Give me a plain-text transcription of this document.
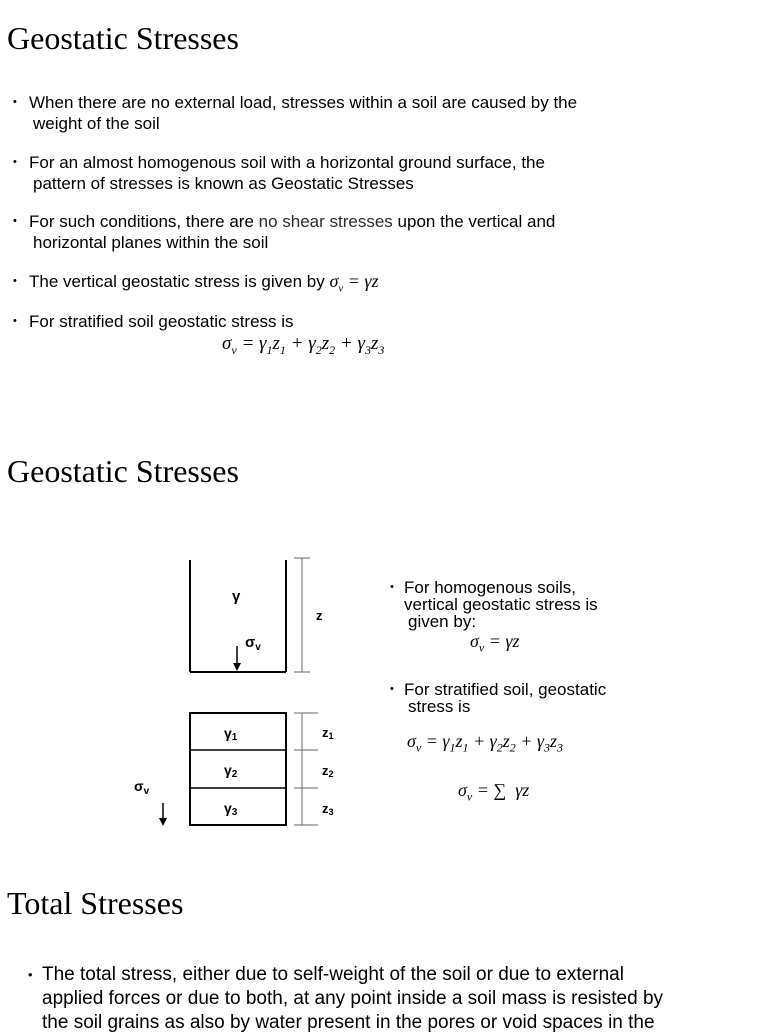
Geostatic Stresses
• When there are no external load, stresses within a soil are caused by the
weight of the soil
• For an almost homogenous soil with a horizontal ground surface, the
pattern of stresses is known as Geostatic Stresses
• For such conditions, there are no shear stresses upon the vertical and
horizontal planes within the soil
• The vertical geostatic stress is given by $\sigma_v = \gamma z$
• For stratified soil geostatic stress is
$\sigma_v = \gamma_1z_1 + \gamma_2z_2 + \gamma_3z_3$
Geostatic Stresses
γ
$\sigma_v$
z
γ1
γ2
γ3
z1
z2
z3
$\sigma_v$
• For homogenous soils,
vertical geostatic stress is
given by:
$\sigma_v = \gamma z$
• For stratified soil, geostatic
stress is
$\sigma_v = \gamma_1z_1 + \gamma_2z_2 + \gamma_3z_3$
$\sigma_v$ = ∑  γz
Total Stresses
• The total stress, either due to self-weight of the soil or due to external
applied forces or due to both, at any point inside a soil mass is resisted by
the soil grains as also by water present in the pores or void spaces in the
